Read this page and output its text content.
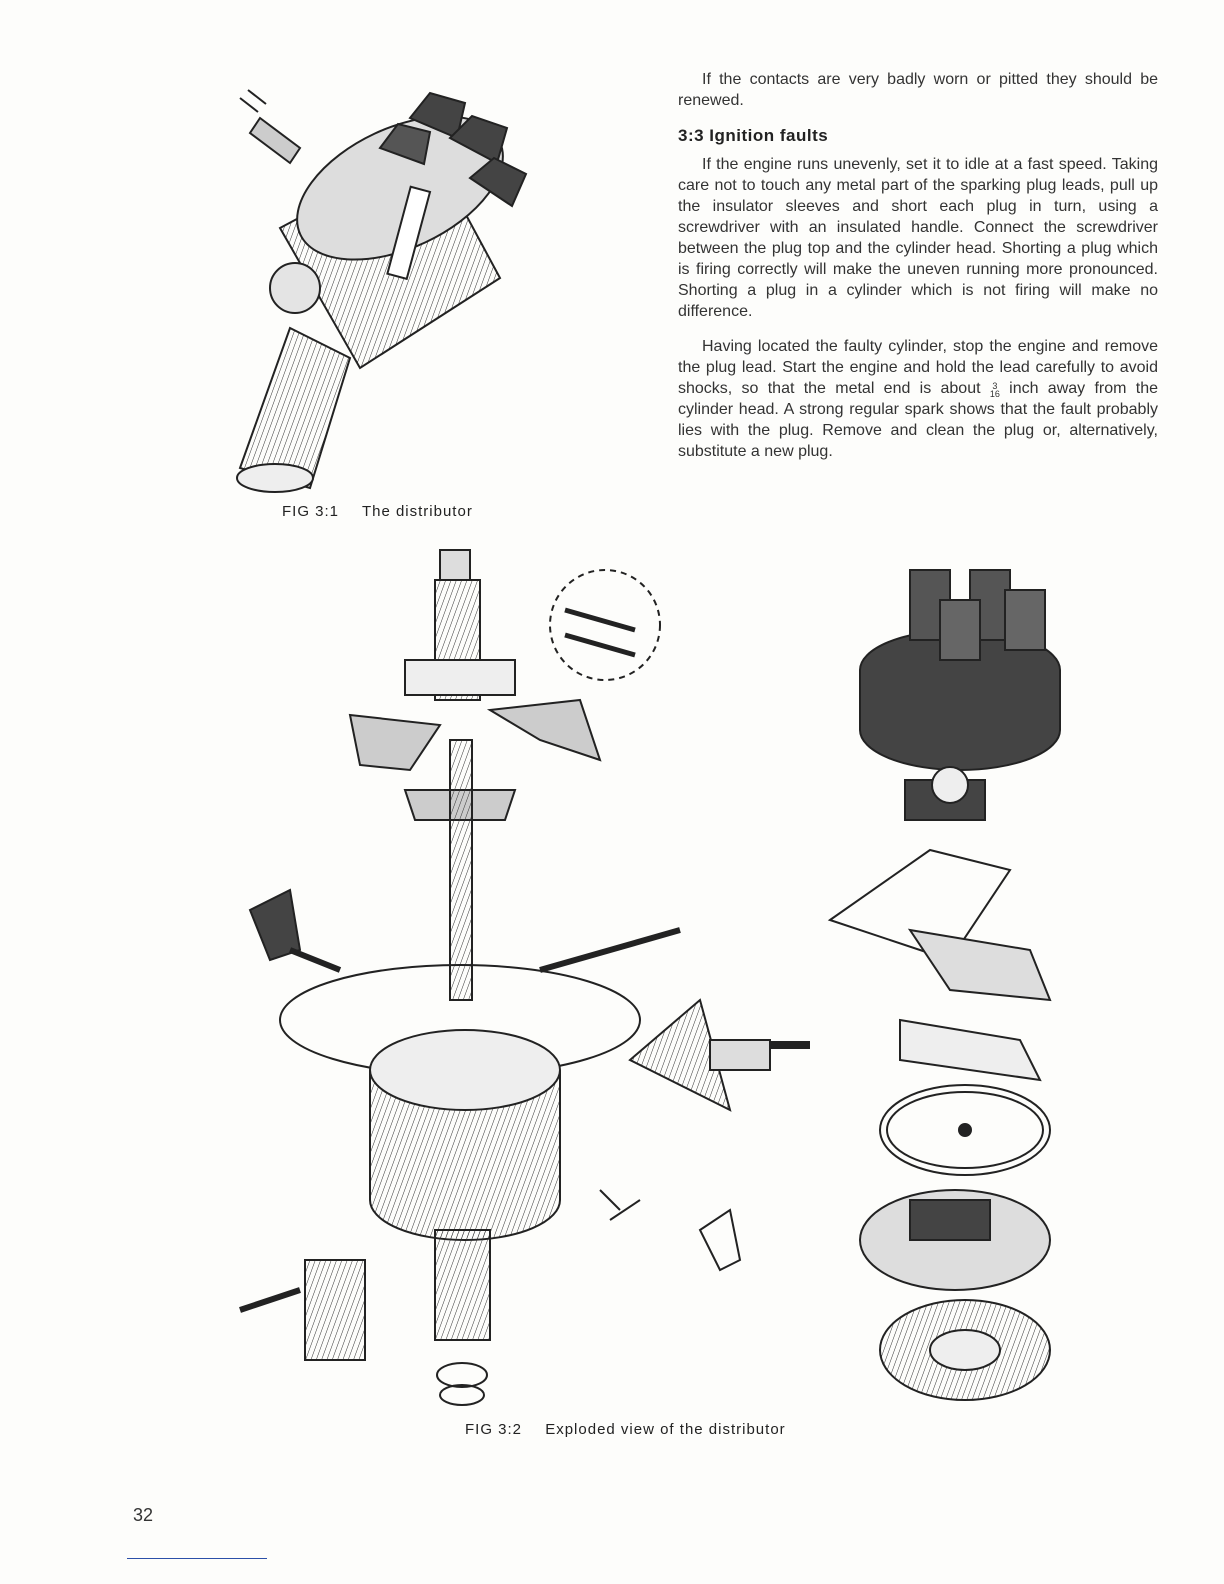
FIG 3:1 The distributor

If the contacts are very badly worn or pitted they should be renewed.

3:3 Ignition faults

If the engine runs unevenly, set it to idle at a fast speed. Taking care not to touch any metal part of the sparking plug leads, pull up the insulator sleeves and short each plug in turn, using a screwdriver with an insulated handle. Connect the screwdriver between the plug top and the cylinder head. Shorting a plug which is firing correctly will make the uneven running more pronounced. Shorting a plug in a cylinder which is not firing will make no difference.

Having located the faulty cylinder, stop the engine and remove the plug lead. Start the engine and hold the lead carefully to avoid shocks, so that the metal end is about 3
16 inch away from the cylinder head. A strong regular spark shows that the fault probably lies with the plug. Remove and clean the plug or, alternatively, substitute a new plug.

FIG 3:2 Exploded view of the distributor
32
